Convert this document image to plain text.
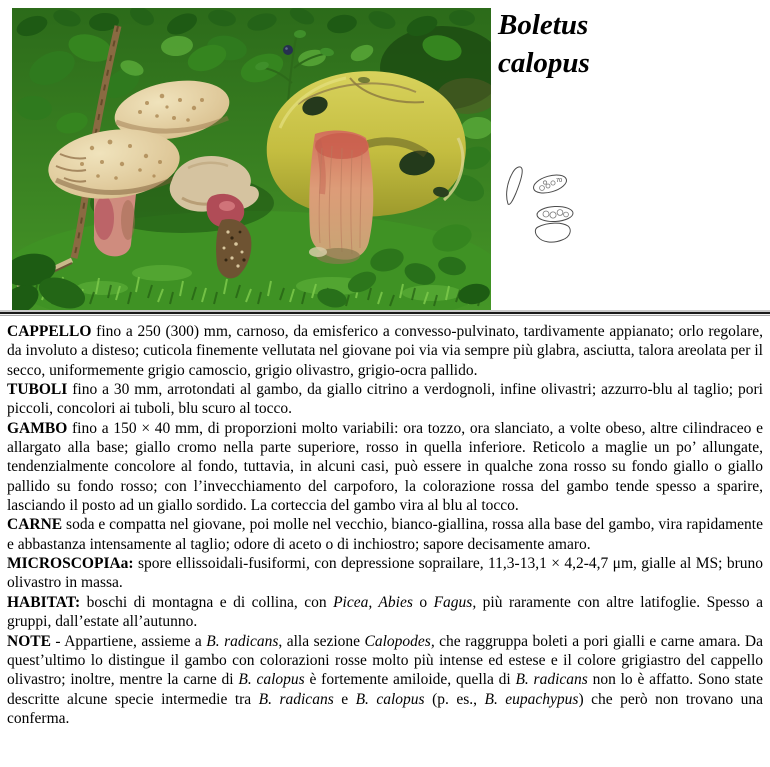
Boletus
calopus
70

CAPPELLO fino a 250 (300) mm, carnoso, da emisferico a convesso-pulvinato, tardivamente appianato; orlo regolare, da involuto a disteso; cuticola finemente vellutata nel giovane poi via via sempre più glabra, asciutta, talora areolata per il secco, uniformemente grigio camoscio, grigio olivastro, grigio-ocra pallido.

TUBOLI fino a 30 mm, arrotondati al gambo, da giallo citrino a verdognoli, infine olivastri; azzurro-blu al taglio; pori piccoli, concolori ai tuboli, blu scuro al tocco.

GAMBO fino a 150 × 40 mm, di proporzioni molto variabili: ora tozzo, ora slanciato, a volte obeso, altre cilindraceo e allargato alla base; giallo cromo nella parte superiore, rosso in quella inferiore. Reticolo a maglie un po’ allungate, tendenzialmente concolore al fondo, tuttavia, in alcuni casi, può essere in qualche zona rosso su fondo giallo o giallo pallido su fondo rosso; con l’invecchiamento del carpoforo, la colorazione rossa del gambo tende spesso a sparire, lasciando il posto ad un giallo sordido. La corteccia del gambo vira al blu al tocco.

CARNE soda e compatta nel giovane, poi molle nel vecchio, bianco-giallina, rossa alla base del gambo, vira rapidamente e abbastanza intensamente al taglio; odore di aceto o di inchiostro; sapore decisamente amaro.

MICROSCOPIAa: spore ellissoidali-fusiformi, con depressione soprailare, 11,3-13,1 × 4,2-4,7 μm, gialle al MS; bruno olivastro in massa.

HABITAT: boschi di montagna e di collina, con Picea, Abies o Fagus, più raramente con altre latifoglie. Spesso a gruppi, dall’estate all’autunno.

NOTE - Appartiene, assieme a B. radicans, alla sezione Calopodes, che raggruppa boleti a pori gialli e carne amara. Da quest’ultimo lo distingue il gambo con colorazioni rosse molto più intense ed estese e il colore grigiastro del cappello olivastro; inoltre, mentre la carne di B. calopus è fortemente amiloide, quella di B. radicans non lo è affatto. Sono state descritte alcune specie intermedie tra B. radicans e B. calopus (p. es., B. eupachypus) che però non trovano una conferma.
